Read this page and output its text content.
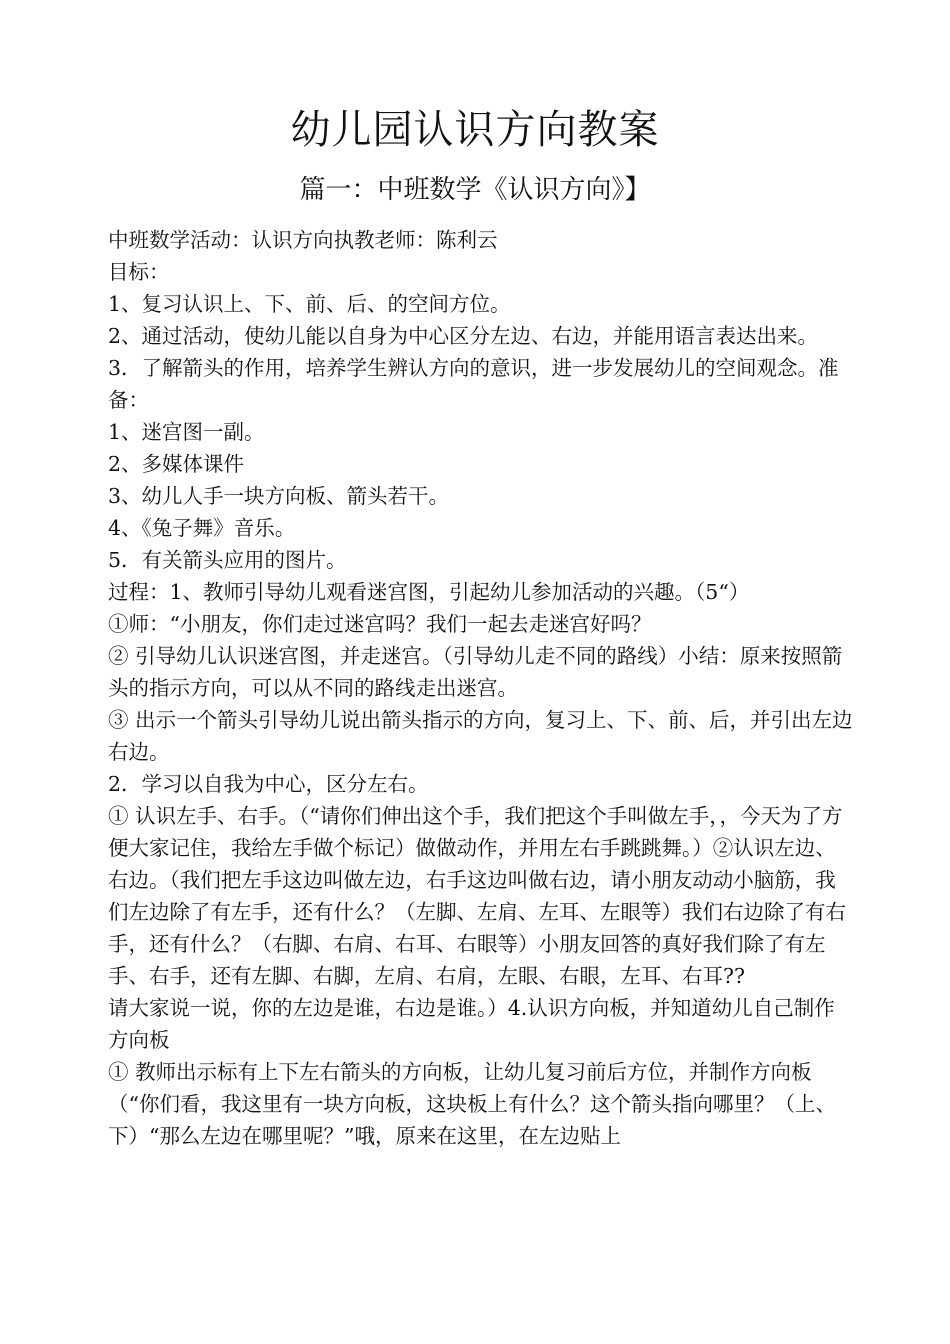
幼儿园认识方向教案
篇一：中班数学《认识方向》】

中班数学活动：认识方向执教老师：陈利云

目标：

1、复习认识上、下、前、后、的空间方位。

2、通过活动，使幼儿能以自身为中心区分左边、右边，并能用语言表达出来。

3．了解箭头的作用，培养学生辨认方向的意识，进一步发展幼儿的空间观念。准备：

1、迷宫图一副。

2、多媒体课件

3、幼儿人手一块方向板、箭头若干。

4、《兔子舞》音乐。

5．有关箭头应用的图片。

过程：1、教师引导幼儿观看迷宫图，引起幼儿参加活动的兴趣。（5“）

①师：“小朋友，你们走过迷宫吗？我们一起去走迷宫好吗？

② 引导幼儿认识迷宫图，并走迷宫。（引导幼儿走不同的路线）小结：原来按照箭头的指示方向，可以从不同的路线走出迷宫。

③ 出示一个箭头引导幼儿说出箭头指示的方向，复习上、下、前、后，并引出左边右边。

2．学习以自我为中心，区分左右。

① 认识左手、右手。（“请你们伸出这个手，我们把这个手叫做左手，，今天为了方便大家记住，我给左手做个标记）做做动作，并用左右手跳跳舞。）②认识左边、右边。（我们把左手这边叫做左边，右手这边叫做右边，请小朋友动动小脑筋，我们左边除了有左手，还有什么？（左脚、左肩、左耳、左眼等）我们右边除了有右手，还有什么？（右脚、右肩、右耳、右眼等）小朋友回答的真好我们除了有左手、右手，还有左脚、右脚，左肩、右肩，左眼、右眼，左耳、右耳??

请大家说一说，你的左边是谁，右边是谁。）4.认识方向板，并知道幼儿自己制作方向板

① 教师出示标有上下左右箭头的方向板，让幼儿复习前后方位，并制作方向板（“你们看，我这里有一块方向板，这块板上有什么？这个箭头指向哪里？（上、下）“那么左边在哪里呢？”哦，原来在这里，在左边贴上
